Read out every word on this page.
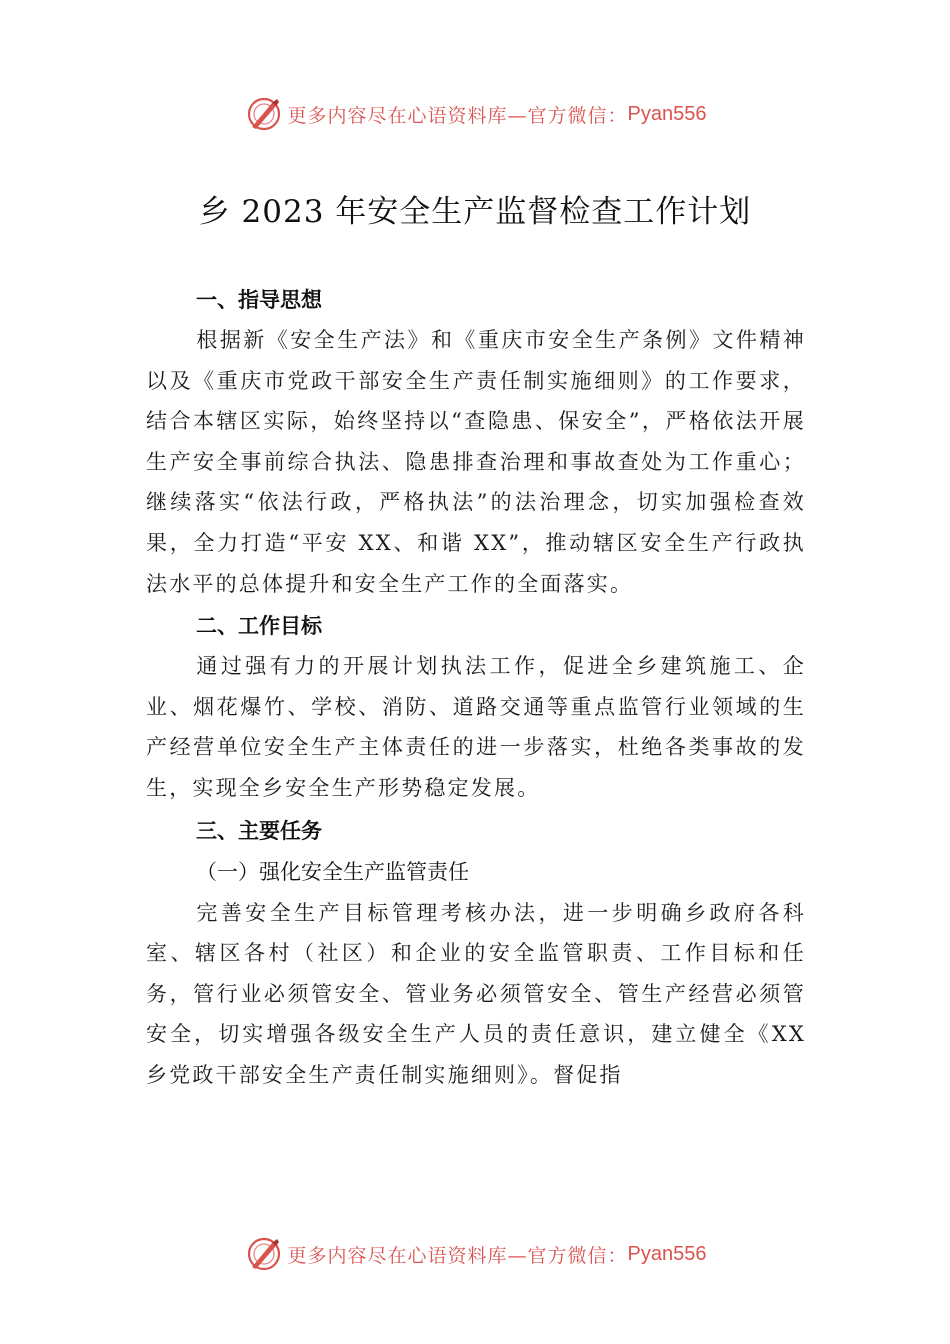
更多内容尽在心语资料库—官方微信： Pyan556
乡 2023 年安全生产监督检查工作计划
一、指导思想

根据新《安全生产法》和《重庆市安全生产条例》文件精神以及《重庆市党政干部安全生产责任制实施细则》的工作要求，结合本辖区实际，始终坚持以“查隐患、保安全”，严格依法开展生产安全事前综合执法、隐患排查治理和事故查处为工作重心；继续落实“依法行政，严格执法”的法治理念，切实加强检查效果，全力打造“平安 XX、和谐 XX”，推动辖区安全生产行政执法水平的总体提升和安全生产工作的全面落实。

二、工作目标

通过强有力的开展计划执法工作，促进全乡建筑施工、企业、烟花爆竹、学校、消防、道路交通等重点监管行业领域的生产经营单位安全生产主体责任的进一步落实，杜绝各类事故的发生，实现全乡安全生产形势稳定发展。

三、主要任务
（一）强化安全生产监管责任

完善安全生产目标管理考核办法，进一步明确乡政府各科室、辖区各村（社区）和企业的安全监管职责、工作目标和任务，管行业必须管安全、管业务必须管安全、管生产经营必须管安全，切实增强各级安全生产人员的责任意识，建立健全《XX 乡党政干部安全生产责任制实施细则》。督促指

更多内容尽在心语资料库—官方微信： Pyan556
